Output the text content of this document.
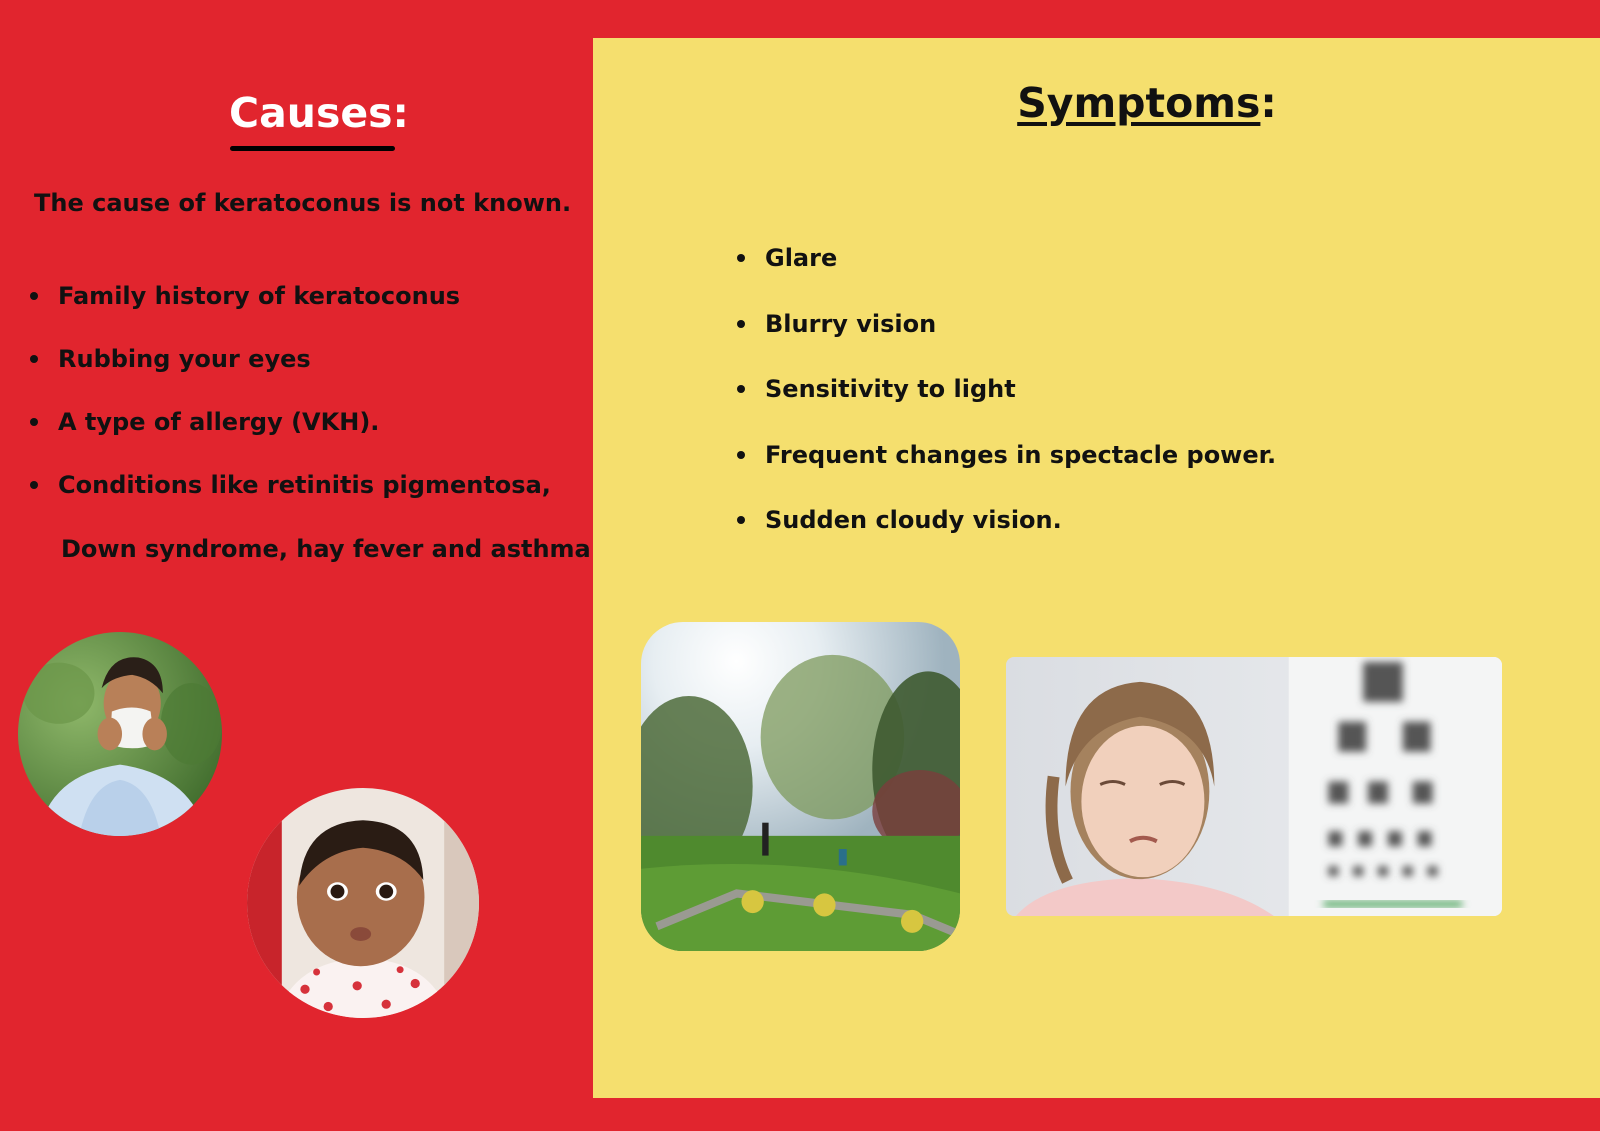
Causes:

The cause of keratoconus is not known.

Family history of keratoconus
Rubbing your eyes
A type of allergy (VKH).
Conditions like retinitis pigmentosa,
Down syndrome, hay fever and asthma
Symptoms:
Glare
Blurry vision
Sensitivity to light
Frequent changes in spectacle power.
Sudden cloudy vision.
